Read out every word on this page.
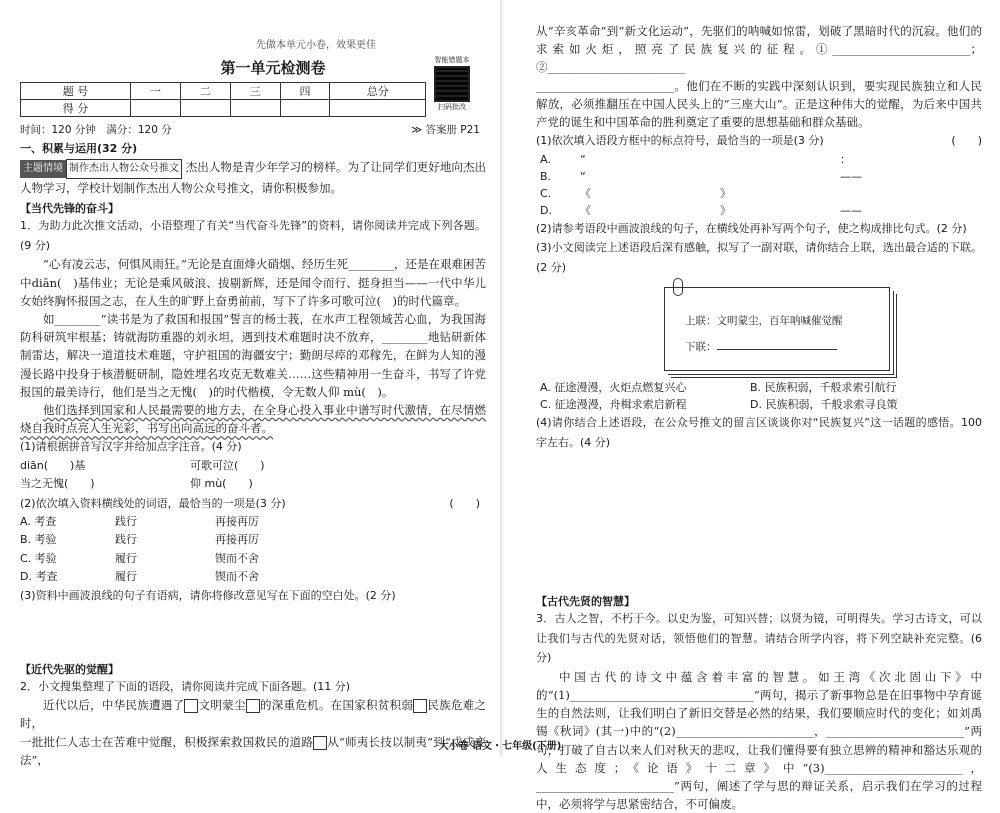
先做本单元小卷，效果更佳
第一单元检测卷	智能错题本
扫码批改
题 号	一	二	三	四	总分
得 分					
时间：120 分钟　满分：120 分	≫ 答案册 P21
一、积累与运用(32 分)

主题情境 制作杰出人物公众号推文 杰出人物是青少年学习的榜样。为了让同学们更好地向杰出人物学习，学校计划制作杰出人物公众号推文，请你积极参加。

【当代先锋的奋斗】

1．为助力此次推文活动，小语整理了有关“当代奋斗先锋”的资料，请你阅读并完成下列各题。(9 分)

“心有凌云志，何惧风雨狂。”无论是直面烽火硝烟、经历生死________，还是在艰难困苦中diān(　)基伟业；无论是乘风破浪、拔剔新辉，还是闻令而行、挺身担当——一代中华儿女始终胸怀报国之志，在人生的旷野上奋勇前前，写下了许多可歌可泣(　)的时代篇章。

如________“读书是为了救国和报国”誓言的杨士莪，在水声工程领域苦心血，为我国海防科研筑牢根基；铸就海防重器的刘永坦，遇到技术难题时决不放弃，________地钻研新体制雷达，解决一道道技术难题，守护祖国的海疆安宁；勤朗尽瘁的邓稼先，在鲜为人知的漫漫长路中投身于核潜艇研制，隐姓埋名攻克无数难关……这些精神用一生奋斗，书写了许党报国的最美诗行，他们是当之无愧(　)的时代楷模，令无数人仰 mù(　)。

他们选择到国家和人民最需要的地方去，在全身心投入事业中谱写时代激情，在尽情燃烧自我时点亮人生光彩，书写出向高远的奋斗者。

(1)请根据拼音写汉字并给加点字注音。(4 分)

diān(　　)基	可歌可泣(　　)
当之无愧(　　)	仰 mù(　　)

(2)依次填入资料横线处的词语，最恰当的一项是(3 分)	(　　)

A. 考查	践行	再接再厉
B. 考验	践行	再接再厉
C. 考验	履行	锲而不舍
D. 考查	履行	锲而不舍

(3)资料中画波浪线的句子有语病，请你将修改意见写在下面的空白处。(2 分)

【近代先驱的觉醒】

2．小文搜集整理了下面的语段，请你阅读并完成下面各题。(11 分)

近代以后，中华民族遭遇了 文明蒙尘 的深重危机。在国家积贫积弱 民族危难之时，

一批批仁人志士在苦难中觉醒，积极探索救国救民的道路 从“师夷长技以制夷”到“戊戌变法”，

从“辛亥革命”到“新文化运动”，先驱们的呐喊如惊雷，划破了黑暗时代的沉寂。他们的求索如火炬，照亮了民族复兴的征程。①________________________；②________________________

________________________。他们在不断的实践中深刻认识到，要实现民族独立和人民解放，必须推翻压在中国人民头上的“三座大山”。正是这种伟大的觉醒，为后来中国共产党的诞生和中国革命的胜利奠定了重要的思想基础和群众基础。

(1)依次填入语段方框中的标点符号，最恰当的一项是(3 分)	(　　)

A.	“	：
B.	“	——
C.	《	》
D.	《	》	——

(2)请参考语段中画波浪线的句子，在横线处再补写两个句子，使之构成排比句式。(2 分)

(3)小文阅读完上述语段后深有感触，拟写了一副对联，请你结合上联，选出最合适的下联。(2 分)

上联：文明蒙尘，百年呐喊催觉醒
下联：
A. 征途漫漫，火炬点燃复兴心	B. 民族积弱，千般求索引航行
C. 征途漫漫，舟楫求索启新程	D. 民族积弱，千般求索寻良策

(4)请你结合上述语段，在公众号推文的留言区谈谈你对“民族复兴”这一话题的感悟。100 字左右。(4 分)

【古代先贤的智慧】

3．古人之智，不朽于今。以史为鉴，可知兴替；以贤为镜，可明得失。学习古诗文，可以让我们与古代的先贤对话，领悟他们的智慧。请结合所学内容，将下列空缺补充完整。(6 分)

中国古代的诗文中蕴含着丰富的智慧。如王湾《次北固山下》中的“(1)________________________________”两句，揭示了新事物总是在旧事物中孕育诞生的自然法则，让我们明白了新旧交替是必然的结果，我们要顺应时代的变化；如刘禹锡《秋词》(其一)中的“(2)________________________，________________________”两句，打破了自古以来人们对秋天的悲叹，让我们懂得要有独立思辨的精神和豁达乐观的人生态度；《论语》十二章》中“(3)________________________，________________________”两句，阐述了学与思的辩证关系，启示我们在学习的过程中，必须将学与思紧密结合，不可偏废。

大小卷 语文・七年级(下册)
